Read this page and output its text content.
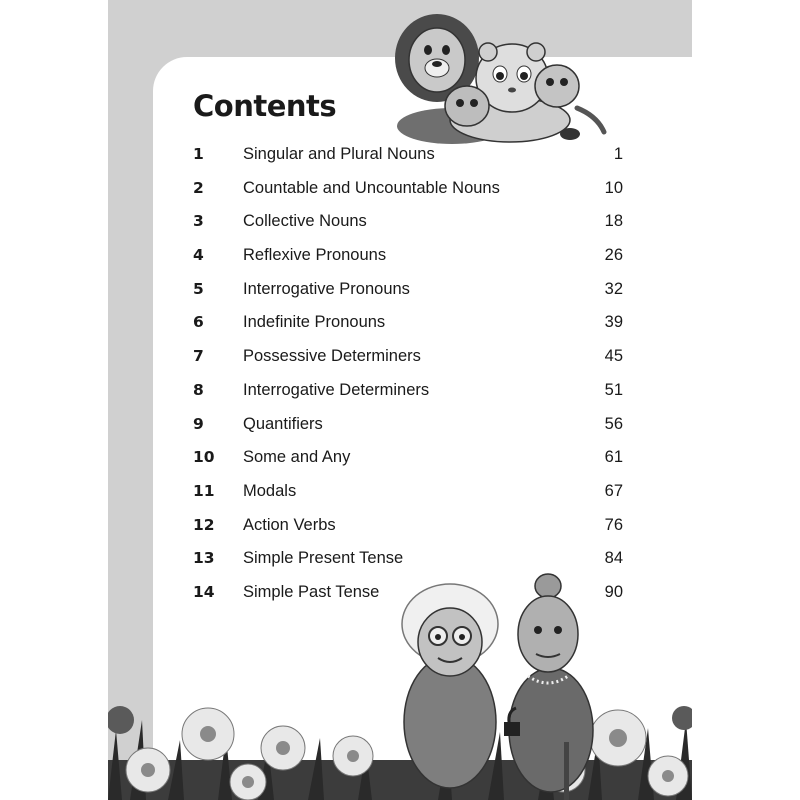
Contents
1 Singular and Plural Nouns	1
2 Countable and Uncountable Nouns	10
3 Collective Nouns	18
4 Reflexive Pronouns	26
5 Interrogative Pronouns	32
6 Indefinite Pronouns	39
7 Possessive Determiners	45
8 Interrogative Determiners	51
9 Quantifiers	56
10 Some and Any	61
11 Modals	67
12 Action Verbs	76
13 Simple Present Tense	84
14 Simple Past Tense	90
